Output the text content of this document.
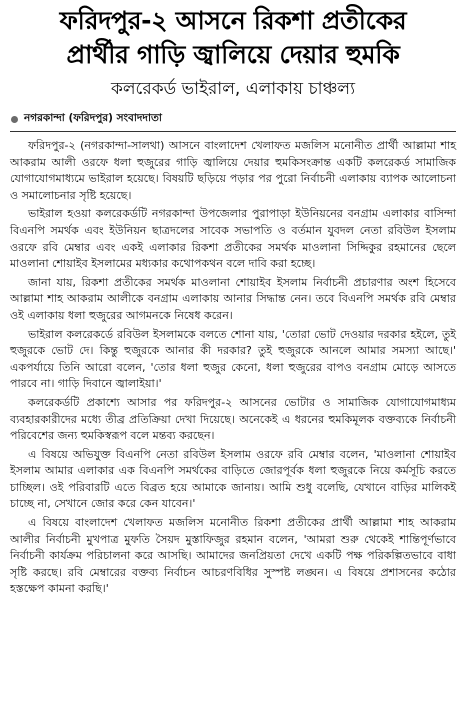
ফরিদপুর-২ আসনে রিকশা প্রতীকের
প্রার্থীর গাড়ি জ্বালিয়ে দেয়ার হুমকি
কলরেকর্ড ভাইরাল, এলাকায় চাঞ্চল্য
নগরকান্দা (ফরিদপুর) সংবাদদাতা

ফরিদপুর-২ (নগরকান্দা-সালথা) আসনে বাংলাদেশ খেলাফত মজলিস মনোনীত প্রার্থী আল্লামা শাহ আকরাম আলী ওরফে ধলা হুজুরের গাড়ি জ্বালিয়ে দেয়ার হুমকিসংক্রান্ত একটি কলরেকর্ড সামাজিক যোগাযোগমাধ্যমে ভাইরাল হয়েছে। বিষয়টি ছড়িয়ে পড়ার পর পুরো নির্বাচনী এলাকায় ব্যাপক আলোচনা ও সমালোচনার সৃষ্টি হয়েছে।

ভাইরাল হওয়া কলরেকর্ডটি নগরকান্দা উপজেলার পুরাপাড়া ইউনিয়নের বনগ্রাম এলাকার বাসিন্দা বিএনপি সমর্থক এবং ইউনিয়ন ছাত্রদলের সাবেক সভাপতি ও বর্তমান যুবদল নেতা রবিউল ইসলাম ওরফে রবি মেম্বার এবং একই এলাকার রিকশা প্রতীকের সমর্থক মাওলানা সিদ্দিকুর রহমানের ছেলে মাওলানা শোয়াইব ইসলামের মধ্যকার কথোপকথন বলে দাবি করা হচ্ছে।

জানা যায়, রিকশা প্রতীকের সমর্থক মাওলানা শোয়াইব ইসলাম নির্বাচনী প্রচারণার অংশ হিসেবে আল্লামা শাহ আকরাম আলীকে বনগ্রাম এলাকায় আনার সিদ্ধান্ত নেন। তবে বিএনপি সমর্থক রবি মেম্বার ওই এলাকায় ধলা হুজুরের আগমনকে নিষেধ করেন।

ভাইরাল কলরেকর্ডে রবিউল ইসলামকে বলতে শোনা যায়, 'তোরা ভোট দেওয়ার দরকার হইলে, তুই হুজুরকে ভোট দে। কিন্তু হুজুরকে আনার কী দরকার? তুই হুজুরকে আনলে আমার সমস্যা আছে।' একপর্যায়ে তিনি আরো বলেন, 'তোর ধলা হুজুর কেনো, ধলা হুজুরের বাপও বনগ্রাম মোড়ে আসতে পারবে না। গাড়ি দিবানে জ্বালাইয়া।'

কলরেকর্ডটি প্রকাশ্যে আসার পর ফরিদপুর-২ আসনের ভোটার ও সামাজিক যোগাযোগমাধ্যম ব্যবহারকারীদের মধ্যে তীব্র প্রতিক্রিয়া দেখা দিয়েছে। অনেকেই এ ধরনের হুমকিমূলক বক্তব্যকে নির্বাচনী পরিবেশের জন্য হুমকিস্বরূপ বলে মন্তব্য করছেন।

এ বিষয়ে অভিযুক্ত বিএনপি নেতা রবিউল ইসলাম ওরফে রবি মেম্বার বলেন, 'মাওলানা শোয়াইব ইসলাম আমার এলাকার এক বিএনপি সমর্থকের বাড়িতে জোরপূর্বক ধলা হুজুরকে নিয়ে কর্মসূচি করতে চাচ্ছিল। ওই পরিবারটি এতে বিব্রত হয়ে আমাকে জানায়। আমি শুধু বলেছি, যেখানে বাড়ির মালিকই চাচ্ছে না, সেখানে জোর করে কেন যাবেন।'

এ বিষয়ে বাংলাদেশ খেলাফত মজলিস মনোনীত রিকশা প্রতীকের প্রার্থী আল্লামা শাহ আকরাম আলীর নির্বাচনী মুখপাত্র মুফতি সৈয়দ মুস্তাফিজুর রহমান বলেন, 'আমরা শুরু থেকেই শান্তিপূর্ণভাবে নির্বাচনী কার্যক্রম পরিচালনা করে আসছি। আমাদের জনপ্রিয়তা দেখে একটি পক্ষ পরিকল্পিতভাবে বাধা সৃষ্টি করছে। রবি মেম্বারের বক্তব্য নির্বাচন আচরণবিধির সুস্পষ্ট লঙ্ঘন। এ বিষয়ে প্রশাসনের কঠোর হস্তক্ষেপ কামনা করছি।'
